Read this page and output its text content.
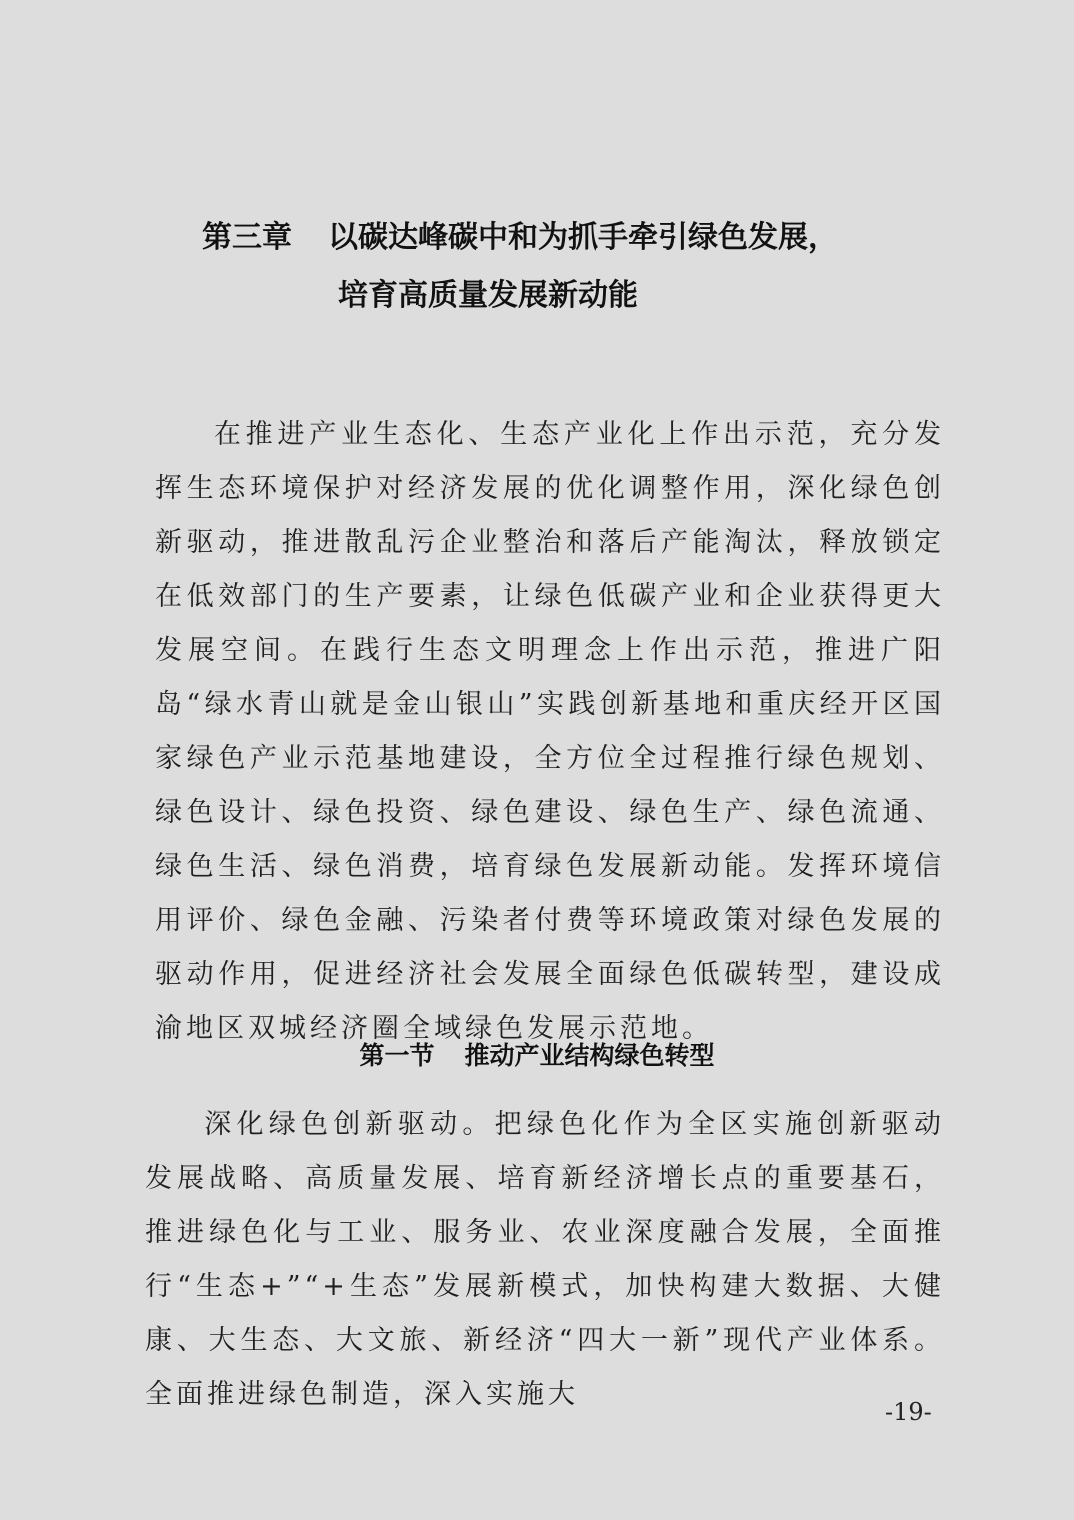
第三章 以碳达峰碳中和为抓手牵引绿色发展，
培育高质量发展新动能

在推进产业生态化、生态产业化上作出示范，充分发挥生态环境保护对经济发展的优化调整作用，深化绿色创新驱动，推进散乱污企业整治和落后产能淘汰，释放锁定在低效部门的生产要素，让绿色低碳产业和企业获得更大发展空间。在践行生态文明理念上作出示范，推进广阳岛“绿水青山就是金山银山”实践创新基地和重庆经开区国家绿色产业示范基地建设，全方位全过程推行绿色规划、绿色设计、绿色投资、绿色建设、绿色生产、绿色流通、绿色生活、绿色消费，培育绿色发展新动能。发挥环境信用评价、绿色金融、污染者付费等环境政策对绿色发展的驱动作用，促进经济社会发展全面绿色低碳转型，建设成渝地区双城经济圈全域绿色发展示范地。

第一节 推动产业结构绿色转型

深化绿色创新驱动。把绿色化作为全区实施创新驱动发展战略、高质量发展、培育新经济增长点的重要基石，推进绿色化与工业、服务业、农业深度融合发展，全面推行“生态+”“+生态”发展新模式，加快构建大数据、大健康、大生态、大文旅、新经济“四大一新”现代产业体系。全面推进绿色制造，深入实施大

-19-
